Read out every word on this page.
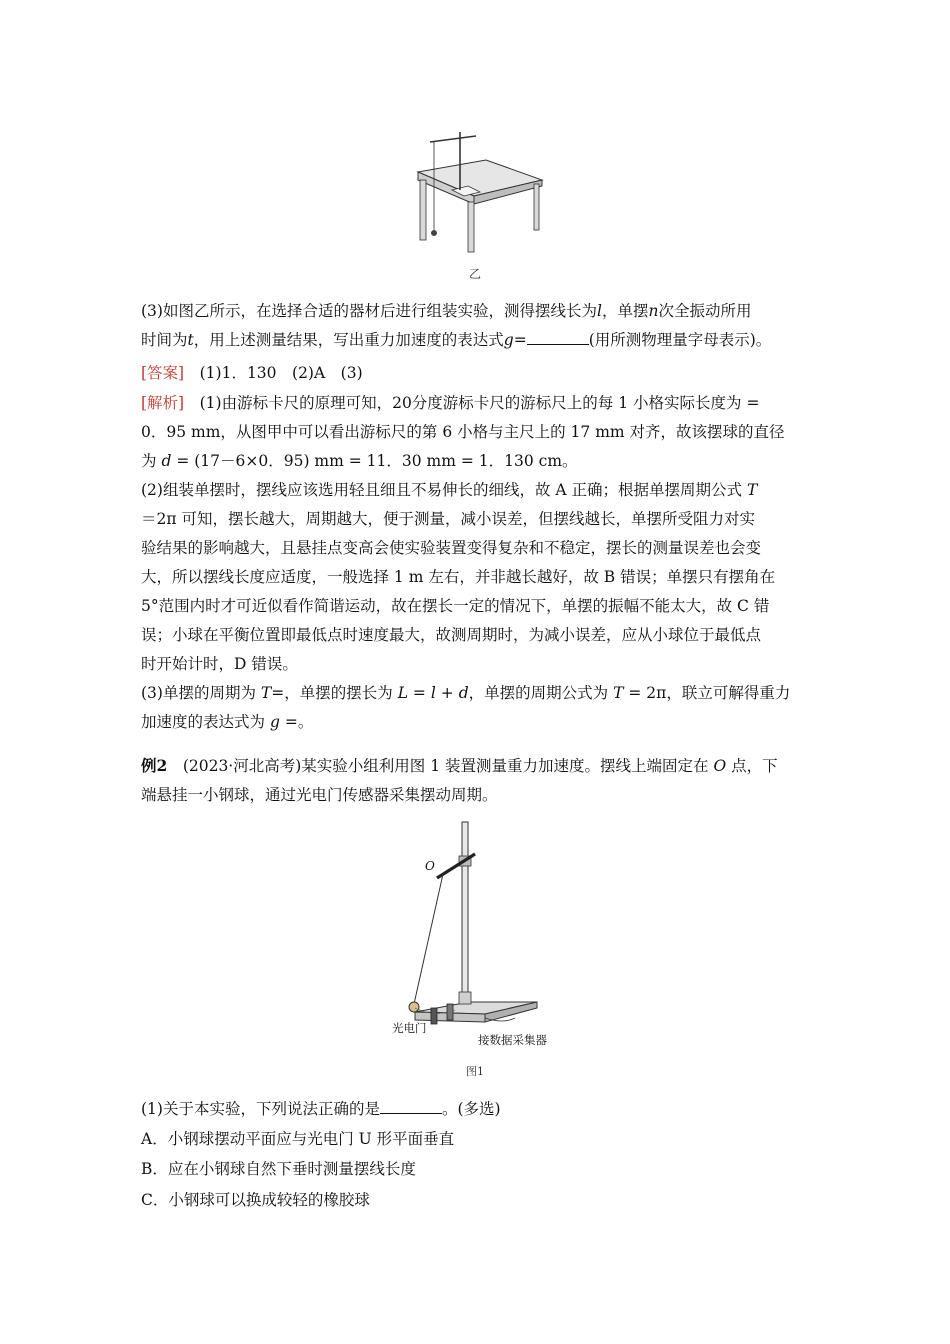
乙
(3)如图乙所示，在选择合适的器材后进行组装实验，测得摆线长为l，单摆n次全振动所用
时间为t，用上述测量结果，写出重力加速度的表达式g=	(用所测物理量字母表示)。
[答案]　 (1)1．130　(2)A　(3)
[解析]　 (1)由游标卡尺的原理可知，20分度游标卡尺的游标尺上的每 1 小格实际长度为 =
0．95 mm，从图甲中可以看出游标尺的第 6 小格与主尺上的 17 mm 对齐，故该摆球的直径
为 d = (17－6×0．95) mm = 11．30 mm = 1．130 cm。
(2)组装单摆时，摆线应该选用轻且细且不易伸长的细线，故 A 正确；根据单摆周期公式 T
＝2π 可知，摆长越大，周期越大，便于测量，减小误差，但摆线越长，单摆所受阻力对实
验结果的影响越大，且悬挂点变高会使实验装置变得复杂和不稳定，摆长的测量误差也会变
大，所以摆线长度应适度，一般选择 1 m 左右，并非越长越好，故 B 错误；单摆只有摆角在
5°范围内时才可近似看作简谐运动，故在摆长一定的情况下，单摆的振幅不能太大，故 C 错
误；小球在平衡位置即最低点时速度最大，故测周期时，为减小误差，应从小球位于最低点
时开始计时，D 错误。
(3)单摆的周期为 T=，单摆的摆长为 L = l + d，单摆的周期公式为 T = 2π，联立可解得重力
加速度的表达式为 g =。
例2　 (2023·河北高考)某实验小组利用图 1 装置测量重力加速度。摆线上端固定在 O 点，下
端悬挂一小钢球，通过光电门传感器采集摆动周期。
O
光电门
接数据采集器
图1
(1)关于本实验，下列说法正确的是	。(多选)
A．小钢球摆动平面应与光电门 U 形平面垂直
B．应在小钢球自然下垂时测量摆线长度
C．小钢球可以换成较轻的橡胶球
